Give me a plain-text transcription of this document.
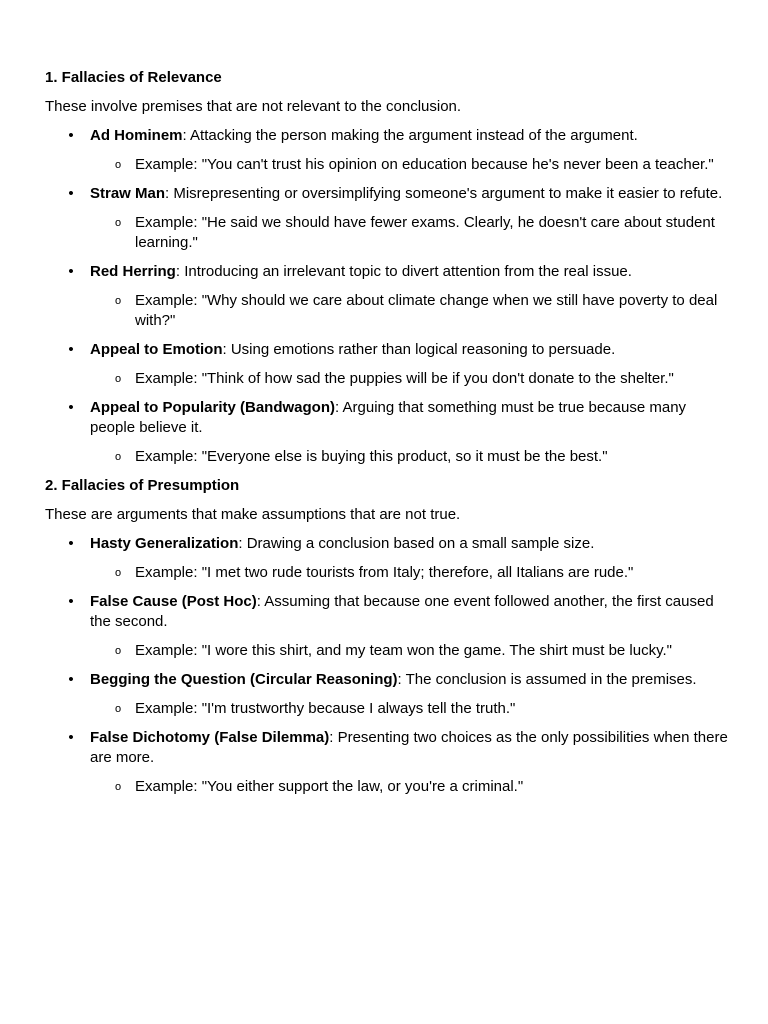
1. Fallacies of Relevance
These involve premises that are not relevant to the conclusion.
• Ad Hominem: Attacking the person making the argument instead of the argument.
o Example: "You can't trust his opinion on education because he's never been a teacher."
• Straw Man: Misrepresenting or oversimplifying someone's argument to make it easier to refute.
o Example: "He said we should have fewer exams. Clearly, he doesn't care about student learning."
• Red Herring: Introducing an irrelevant topic to divert attention from the real issue.
o Example: "Why should we care about climate change when we still have poverty to deal with?"
• Appeal to Emotion: Using emotions rather than logical reasoning to persuade.
o Example: "Think of how sad the puppies will be if you don't donate to the shelter."
• Appeal to Popularity (Bandwagon): Arguing that something must be true because many people believe it.
o Example: "Everyone else is buying this product, so it must be the best."
2. Fallacies of Presumption
These are arguments that make assumptions that are not true.
• Hasty Generalization: Drawing a conclusion based on a small sample size.
o Example: "I met two rude tourists from Italy; therefore, all Italians are rude."
• False Cause (Post Hoc): Assuming that because one event followed another, the first caused the second.
o Example: "I wore this shirt, and my team won the game. The shirt must be lucky."
• Begging the Question (Circular Reasoning): The conclusion is assumed in the premises.
o Example: "I'm trustworthy because I always tell the truth."
• False Dichotomy (False Dilemma): Presenting two choices as the only possibilities when there are more.
o Example: "You either support the law, or you're a criminal."
